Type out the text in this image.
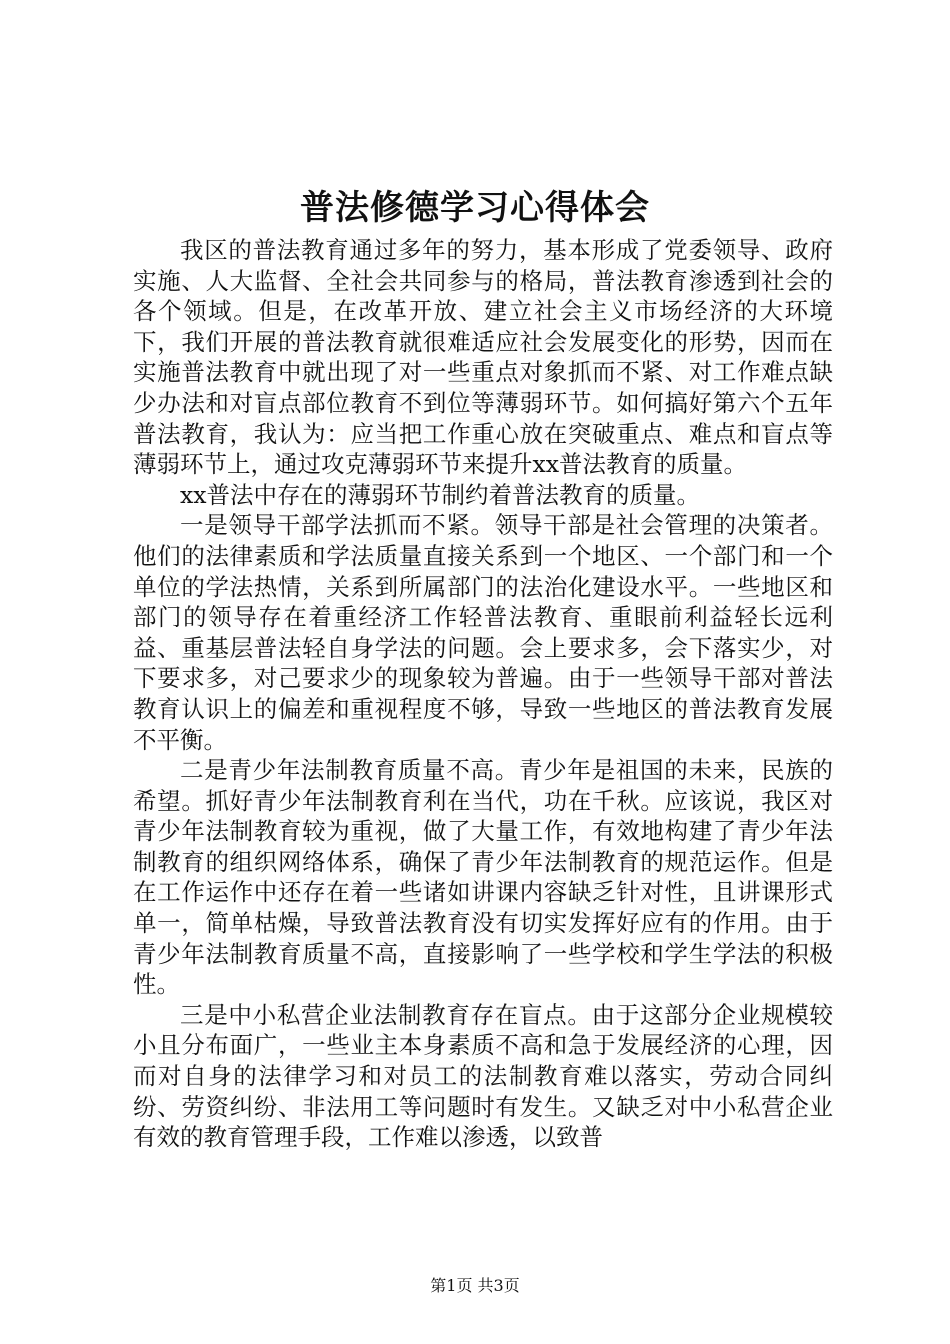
普法修德学习心得体会

我区的普法教育通过多年的努力，基本形成了党委领导、政府实施、人大监督、全社会共同参与的格局，普法教育渗透到社会的各个领域。但是，在改革开放、建立社会主义市场经济的大环境下，我们开展的普法教育就很难适应社会发展变化的形势，因而在实施普法教育中就出现了对一些重点对象抓而不紧、对工作难点缺少办法和对盲点部位教育不到位等薄弱环节。如何搞好第六个五年普法教育，我认为：应当把工作重心放在突破重点、难点和盲点等薄弱环节上，通过攻克薄弱环节来提升xx普法教育的质量。

xx普法中存在的薄弱环节制约着普法教育的质量。

一是领导干部学法抓而不紧。领导干部是社会管理的决策者。他们的法律素质和学法质量直接关系到一个地区、一个部门和一个单位的学法热情，关系到所属部门的法治化建设水平。一些地区和部门的领导存在着重经济工作轻普法教育、重眼前利益轻长远利益、重基层普法轻自身学法的问题。会上要求多，会下落实少，对下要求多，对己要求少的现象较为普遍。由于一些领导干部对普法教育认识上的偏差和重视程度不够，导致一些地区的普法教育发展不平衡。

二是青少年法制教育质量不高。青少年是祖国的未来，民族的希望。抓好青少年法制教育利在当代，功在千秋。应该说，我区对青少年法制教育较为重视，做了大量工作，有效地构建了青少年法制教育的组织网络体系，确保了青少年法制教育的规范运作。但是在工作运作中还存在着一些诸如讲课内容缺乏针对性，且讲课形式单一，简单枯燥，导致普法教育没有切实发挥好应有的作用。由于青少年法制教育质量不高，直接影响了一些学校和学生学法的积极性。

三是中小私营企业法制教育存在盲点。由于这部分企业规模较小且分布面广，一些业主本身素质不高和急于发展经济的心理，因而对自身的法律学习和对员工的法制教育难以落实，劳动合同纠纷、劳资纠纷、非法用工等问题时有发生。又缺乏对中小私营企业有效的教育管理手段，工作难以渗透，以致普

第1页 共3页
